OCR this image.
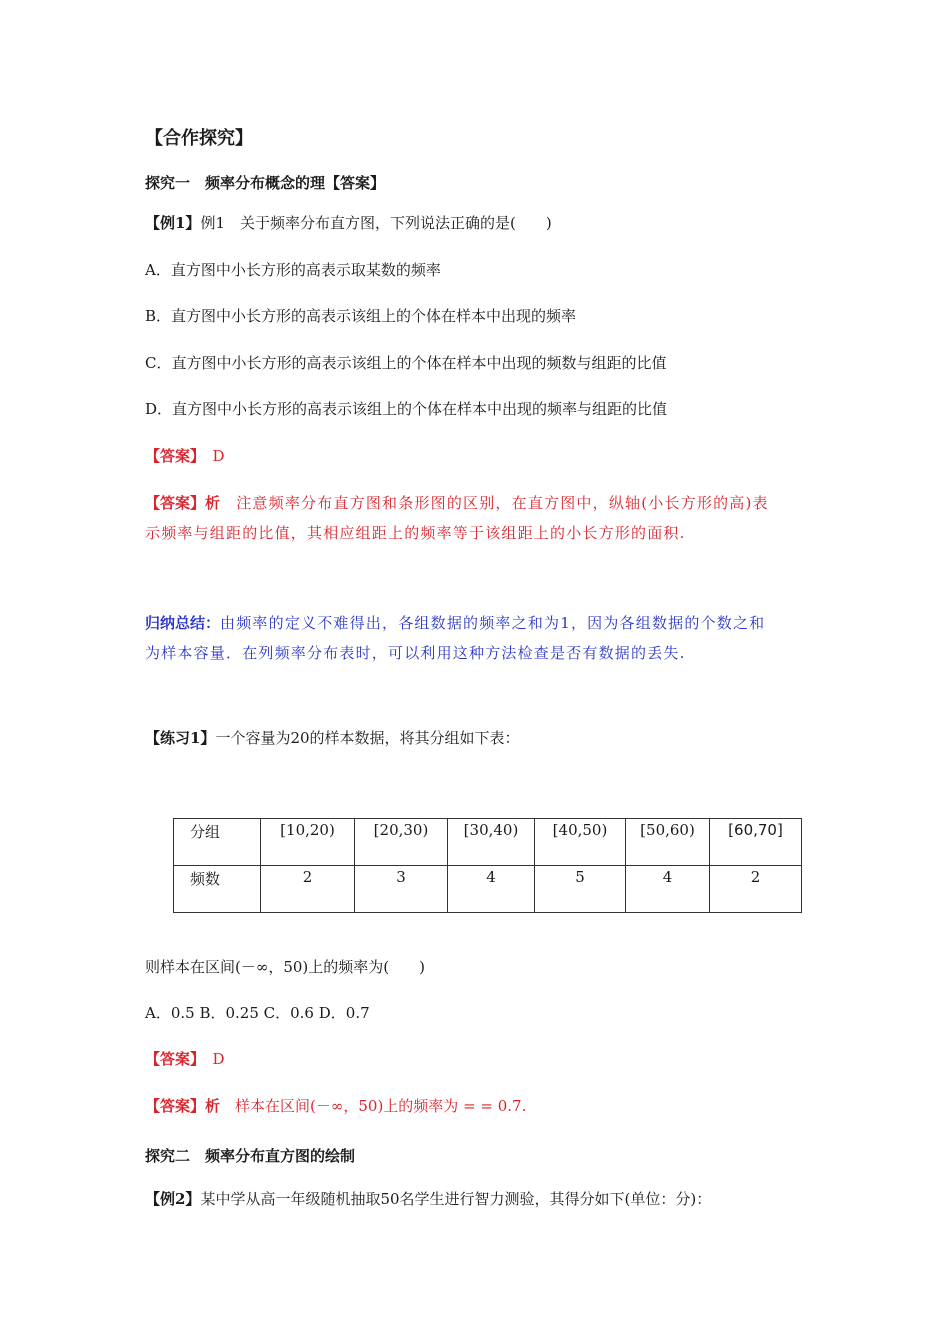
【合作探究】
探究一　频率分布概念的理【答案】
【例1】例1　关于频率分布直方图，下列说法正确的是(　　)
A．直方图中小长方形的高表示取某数的频率
B．直方图中小长方形的高表示该组上的个体在样本中出现的频率
C．直方图中小长方形的高表示该组上的个体在样本中出现的频数与组距的比值
D．直方图中小长方形的高表示该组上的个体在样本中出现的频率与组距的比值
【答案】　D
【答案】析　注意频率分布直方图和条形图的区别，在直方图中，纵轴(小长方形的高)表
示频率与组距的比值，其相应组距上的频率等于该组距上的小长方形的面积.
归纳总结：由频率的定义不难得出，各组数据的频率之和为1，因为各组数据的个数之和
为样本容量．在列频率分布表时，可以利用这种方法检查是否有数据的丢失.
【练习1】一个容量为20的样本数据，将其分组如下表：
分组	[10,20)	[20,30)	[30,40)	[40,50)	[50,60)	[60,70]
频数	2	3	4	5	4	2
则样本在区间(－∞，50)上的频率为(　　)
A．0.5 B．0.25 C．0.6 D．0.7
【答案】　D
【答案】析　样本在区间(－∞，50)上的频率为 = = 0.7.
探究二　频率分布直方图的绘制
【例2】某中学从高一年级随机抽取50名学生进行智力测验，其得分如下(单位：分)：
